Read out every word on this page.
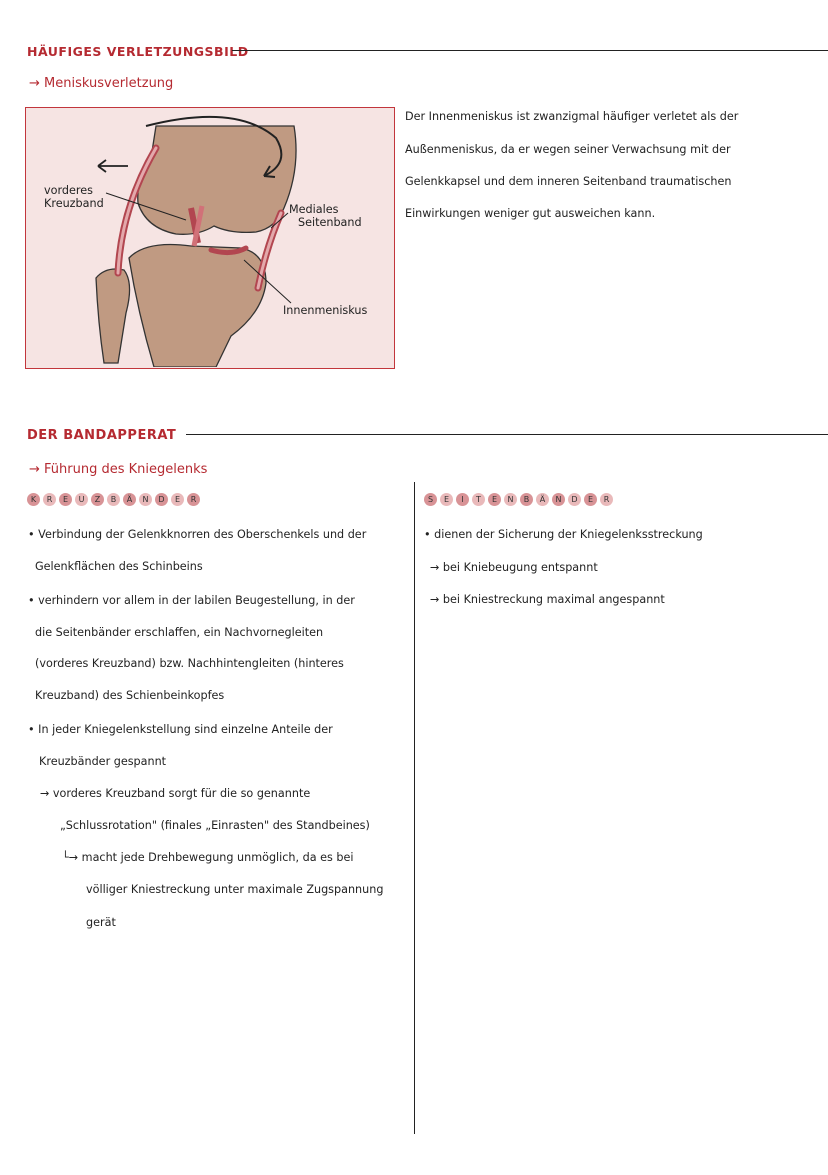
HÄUFIGES VERLETZUNGSBILD
→ Meniskusverletzung
vorderes
Kreuzband	Mediales
Seitenband
Innenmeniskus
Der Innenmeniskus ist zwanzigmal häufiger verletet als der
Außenmeniskus, da er wegen seiner Verwachsung mit der
Gelenkkapsel und dem inneren Seitenband traumatischen
Einwirkungen weniger gut ausweichen kann.
DER BANDAPPERAT
→ Führung des Kniegelenks
K	R	E	U	Z	B	Ä	N	D	E	R	S	E	I	T	E	N	B	Ä	N	D	E	R
• Verbindung der Gelenkknorren des Oberschenkels und der
Gelenkflächen des Schinbeins
• verhindern vor allem in der labilen Beugestellung, in der
die Seitenbänder erschlaffen, ein Nachvornegleiten
(vorderes Kreuzband) bzw. Nachhintengleiten (hinteres
Kreuzband) des Schienbeinkopfes
• In jeder Kniegelenkstellung sind einzelne Anteile der
Kreuzbänder gespannt
→ vorderes Kreuzband sorgt für die so genannte
„Schlussrotation" (finales „Einrasten" des Standbeines)
└→ macht jede Drehbewegung unmöglich, da es bei
völliger Kniestreckung unter maximale Zugspannung
gerät
• dienen der Sicherung der Kniegelenksstreckung
→ bei Kniebeugung entspannt
→ bei Kniestreckung maximal angespannt
